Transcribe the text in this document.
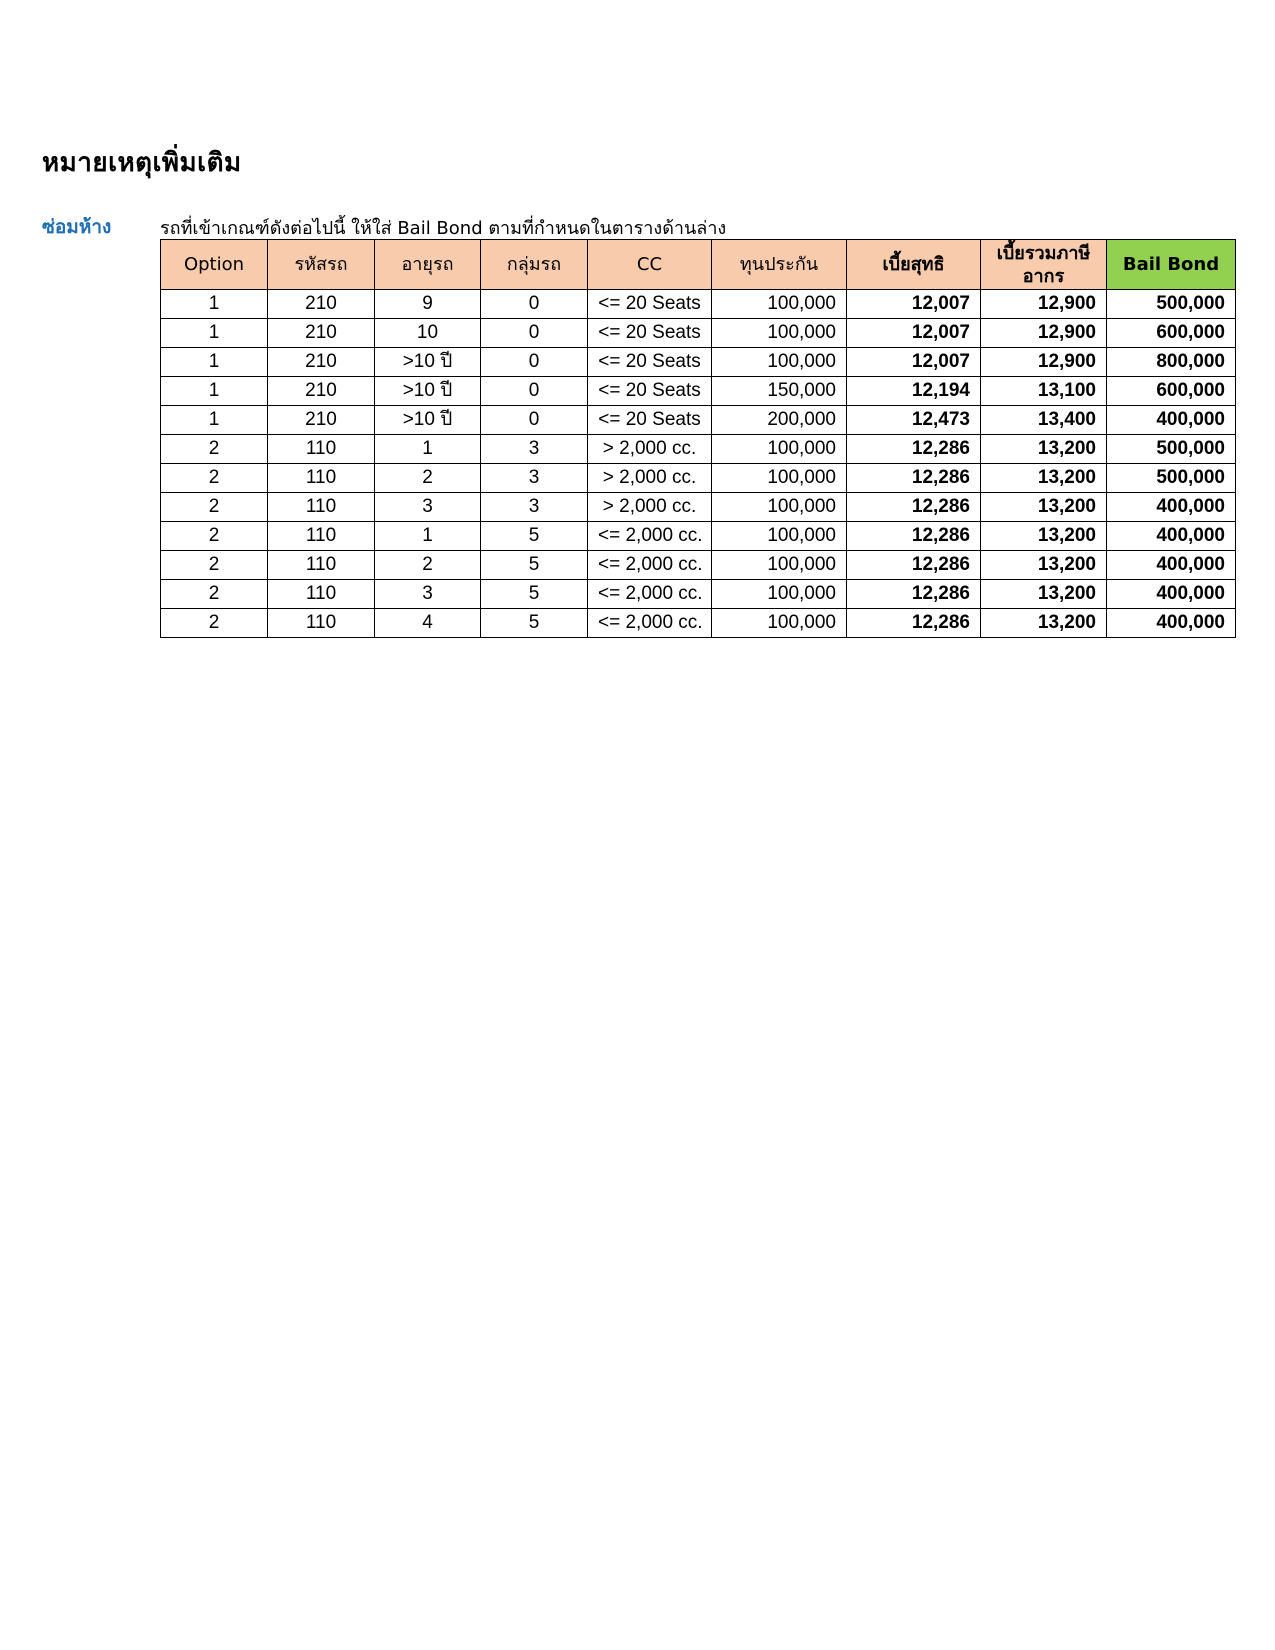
หมายเหตุเพิ่มเติม
ซ่อมห้าง	รถที่เข้าเกณฑ์ดังต่อไปนี้ ให้ใส่ Bail Bond ตามที่กำหนดในตารางด้านล่าง
Option	รหัสรถ	อายุรถ	กลุ่มรถ	CC	ทุนประกัน	เบี้ยสุทธิ	เบี้ยรวมภาษีอากร	Bail Bond
1	210	9	0	<= 20 Seats	100,000	12,007	12,900	500,000
1	210	10	0	<= 20 Seats	100,000	12,007	12,900	600,000
1	210	>10 ปี	0	<= 20 Seats	100,000	12,007	12,900	800,000
1	210	>10 ปี	0	<= 20 Seats	150,000	12,194	13,100	600,000
1	210	>10 ปี	0	<= 20 Seats	200,000	12,473	13,400	400,000
2	110	1	3	> 2,000 cc.	100,000	12,286	13,200	500,000
2	110	2	3	> 2,000 cc.	100,000	12,286	13,200	500,000
2	110	3	3	> 2,000 cc.	100,000	12,286	13,200	400,000
2	110	1	5	<= 2,000 cc.	100,000	12,286	13,200	400,000
2	110	2	5	<= 2,000 cc.	100,000	12,286	13,200	400,000
2	110	3	5	<= 2,000 cc.	100,000	12,286	13,200	400,000
2	110	4	5	<= 2,000 cc.	100,000	12,286	13,200	400,000
